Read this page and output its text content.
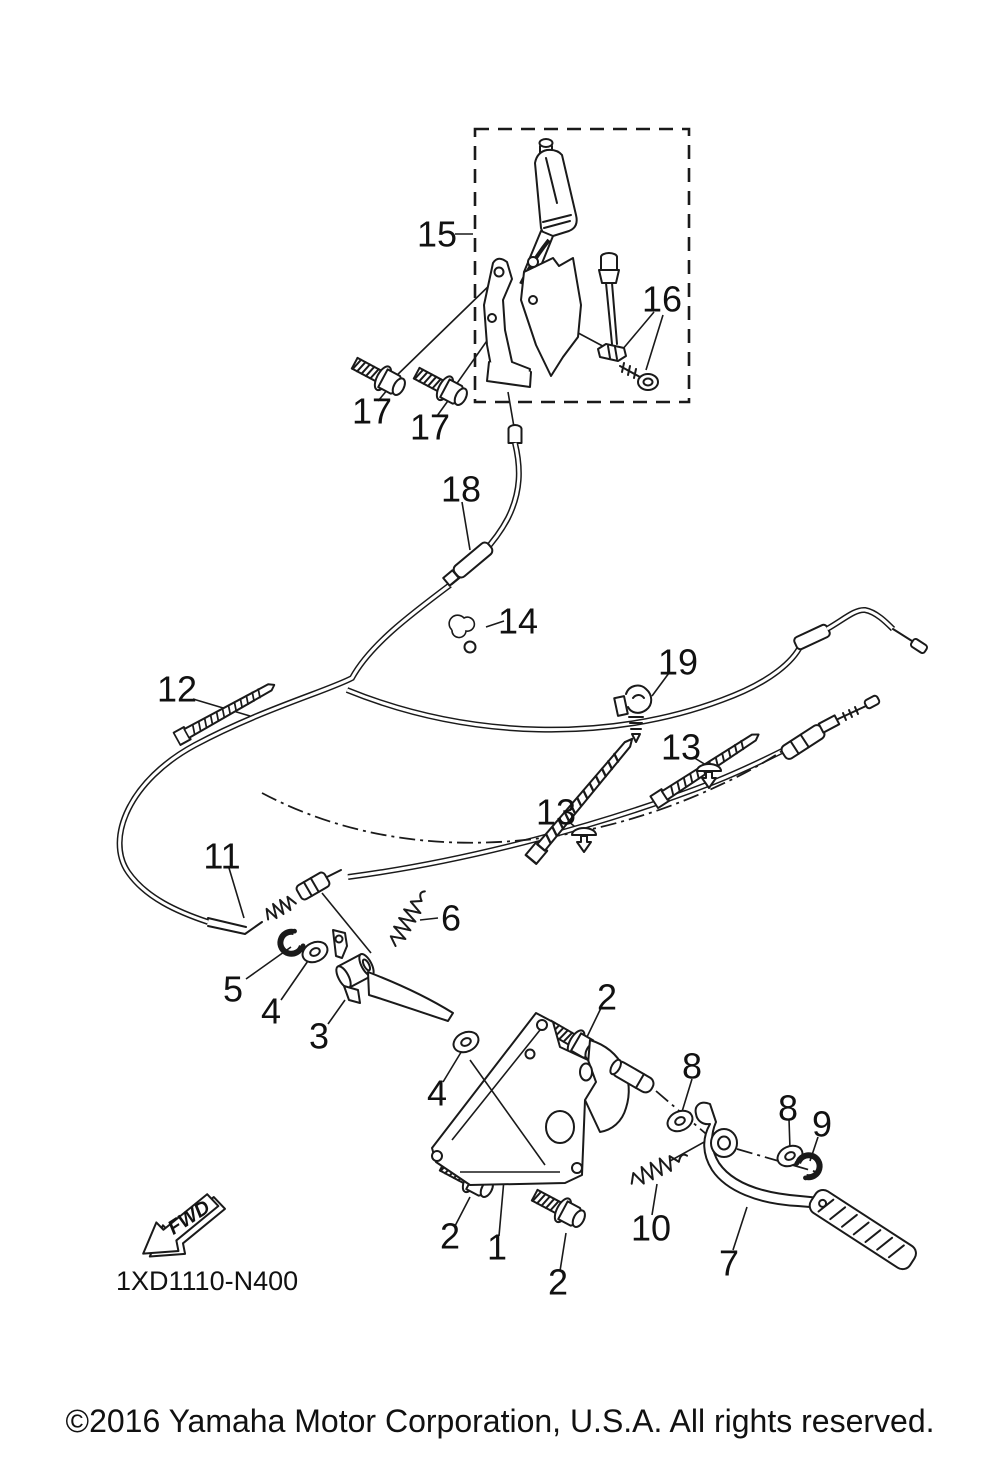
FWD
1XD1110-N400
15
16
17 17
18
14
19
12
13
13
11
6
5
4
3
2
8
4	8 9
10
7
2 1
2
©2016 Yamaha Motor Corporation, U.S.A. All rights reserved.
